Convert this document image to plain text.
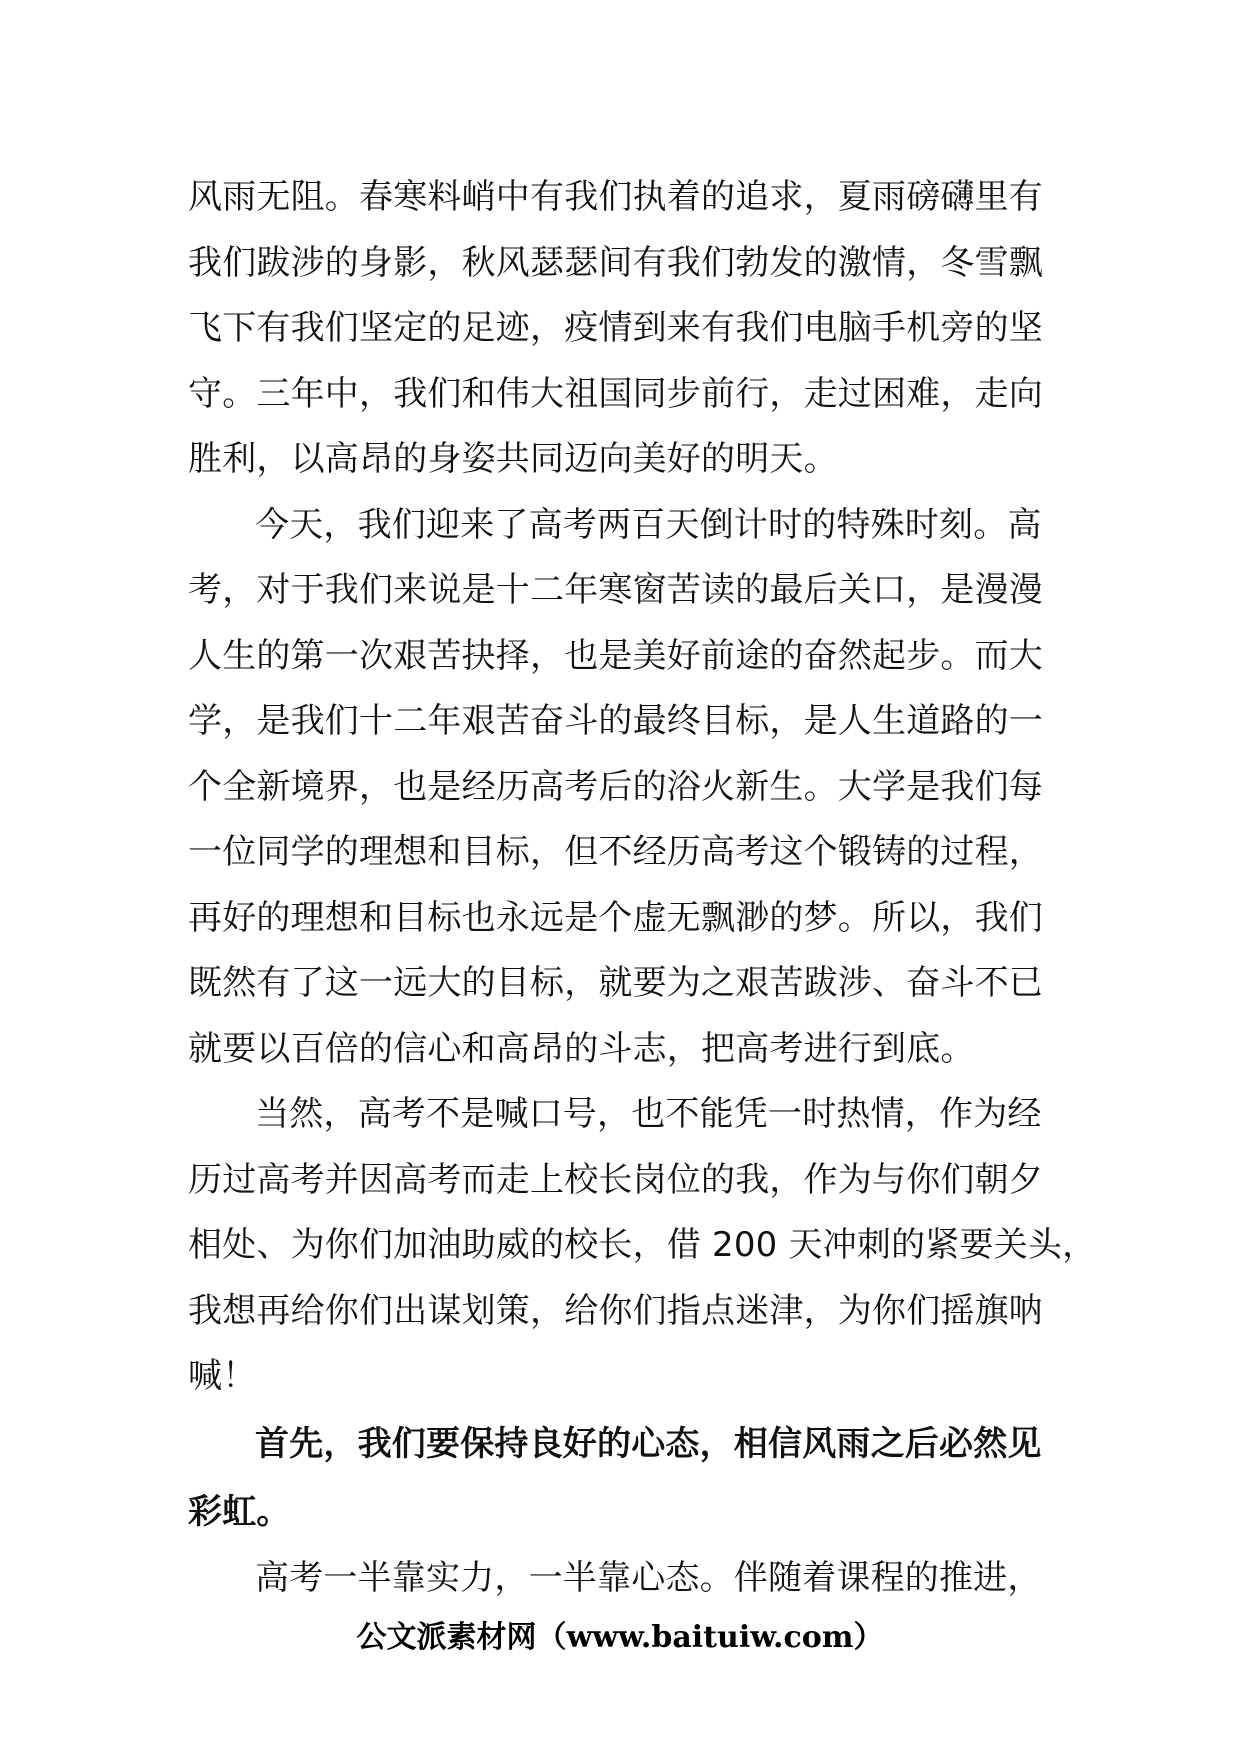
风雨无阻。春寒料峭中有我们执着的追求，夏雨磅礴里有
我们跋涉的身影，秋风瑟瑟间有我们勃发的激情，冬雪飘
飞下有我们坚定的足迹，疫情到来有我们电脑手机旁的坚
守。三年中，我们和伟大祖国同步前行，走过困难，走向
胜利，以高昂的身姿共同迈向美好的明天。
今天，我们迎来了高考两百天倒计时的特殊时刻。高
考，对于我们来说是十二年寒窗苦读的最后关口，是漫漫
人生的第一次艰苦抉择，也是美好前途的奋然起步。而大
学，是我们十二年艰苦奋斗的最终目标，是人生道路的一
个全新境界，也是经历高考后的浴火新生。大学是我们每
一位同学的理想和目标，但不经历高考这个锻铸的过程，
再好的理想和目标也永远是个虚无飘渺的梦。所以，我们
既然有了这一远大的目标，就要为之艰苦跋涉、奋斗不已
就要以百倍的信心和高昂的斗志，把高考进行到底。
当然，高考不是喊口号，也不能凭一时热情，作为经
历过高考并因高考而走上校长岗位的我，作为与你们朝夕
相处、为你们加油助威的校长，借 200 天冲刺的紧要关头，
我想再给你们出谋划策，给你们指点迷津，为你们摇旗呐
喊！
首先，我们要保持良好的心态，相信风雨之后必然见
彩虹。
高考一半靠实力，一半靠心态。伴随着课程的推进，
公文派素材网（www.baituiw.com）
